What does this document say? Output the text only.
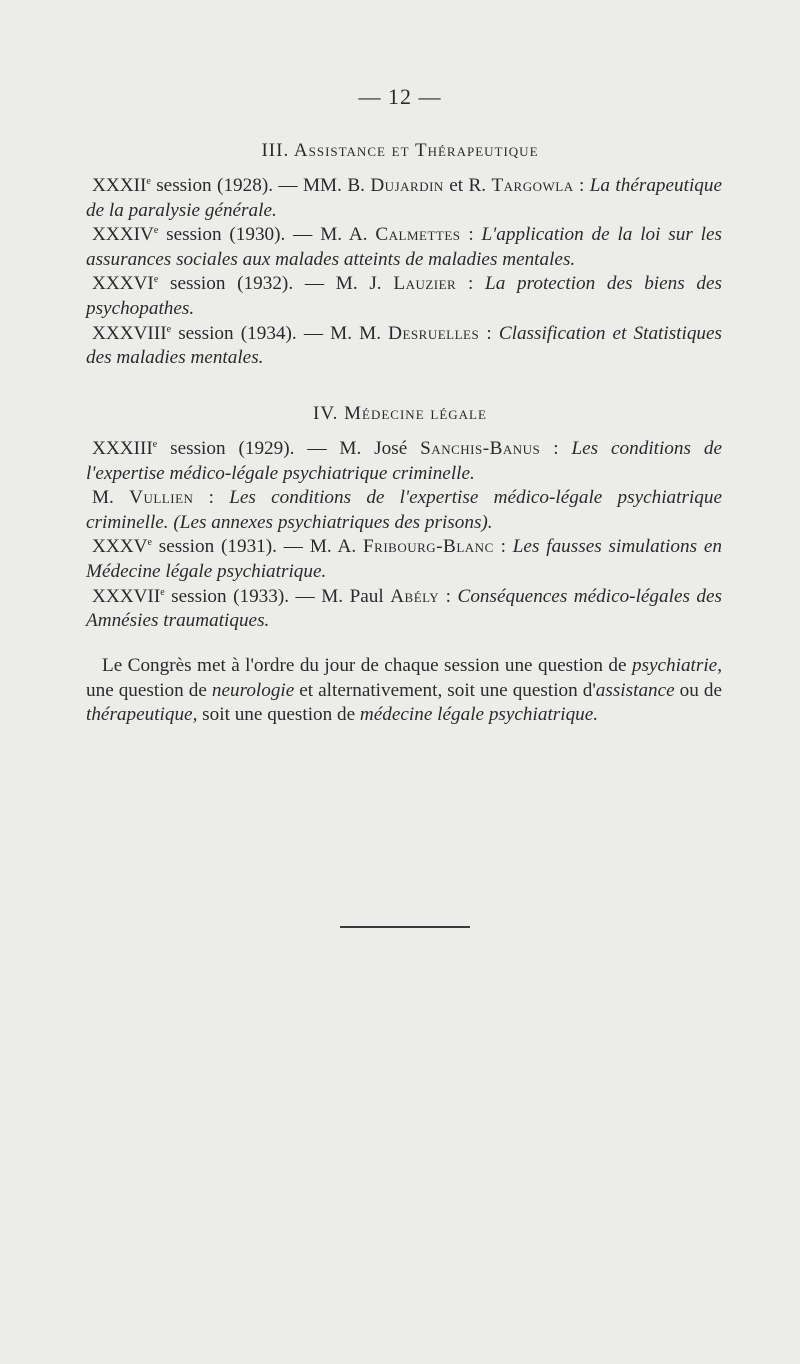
— 12 —
III. Assistance et Thérapeutique

XXXIIe session (1928). — MM. B. Dujardin et R. Targowla : La thérapeutique de la paralysie générale.

XXXIVe session (1930). — M. A. Calmettes : L'application de la loi sur les assurances sociales aux malades atteints de maladies mentales.

XXXVIe session (1932). — M. J. Lauzier : La protection des biens des psychopathes.

XXXVIIIe session (1934). — M. M. Desruelles : Classification et Statistiques des maladies mentales.

IV. Médecine légale

XXXIIIe session (1929). — M. José Sanchis-Banus : Les conditions de l'expertise médico-légale psychiatrique criminelle.

M. Vullien : Les conditions de l'expertise médico-légale psychiatrique criminelle. (Les annexes psychiatriques des prisons).

XXXVe session (1931). — M. A. Fribourg-Blanc : Les fausses simulations en Médecine légale psychiatrique.

XXXVIIe session (1933). — M. Paul Abély : Conséquences médico-légales des Amnésies traumatiques.

Le Congrès met à l'ordre du jour de chaque session une question de psychiatrie, une question de neurologie et alternativement, soit une question d'assistance ou de thérapeutique, soit une question de médecine légale psychiatrique.
